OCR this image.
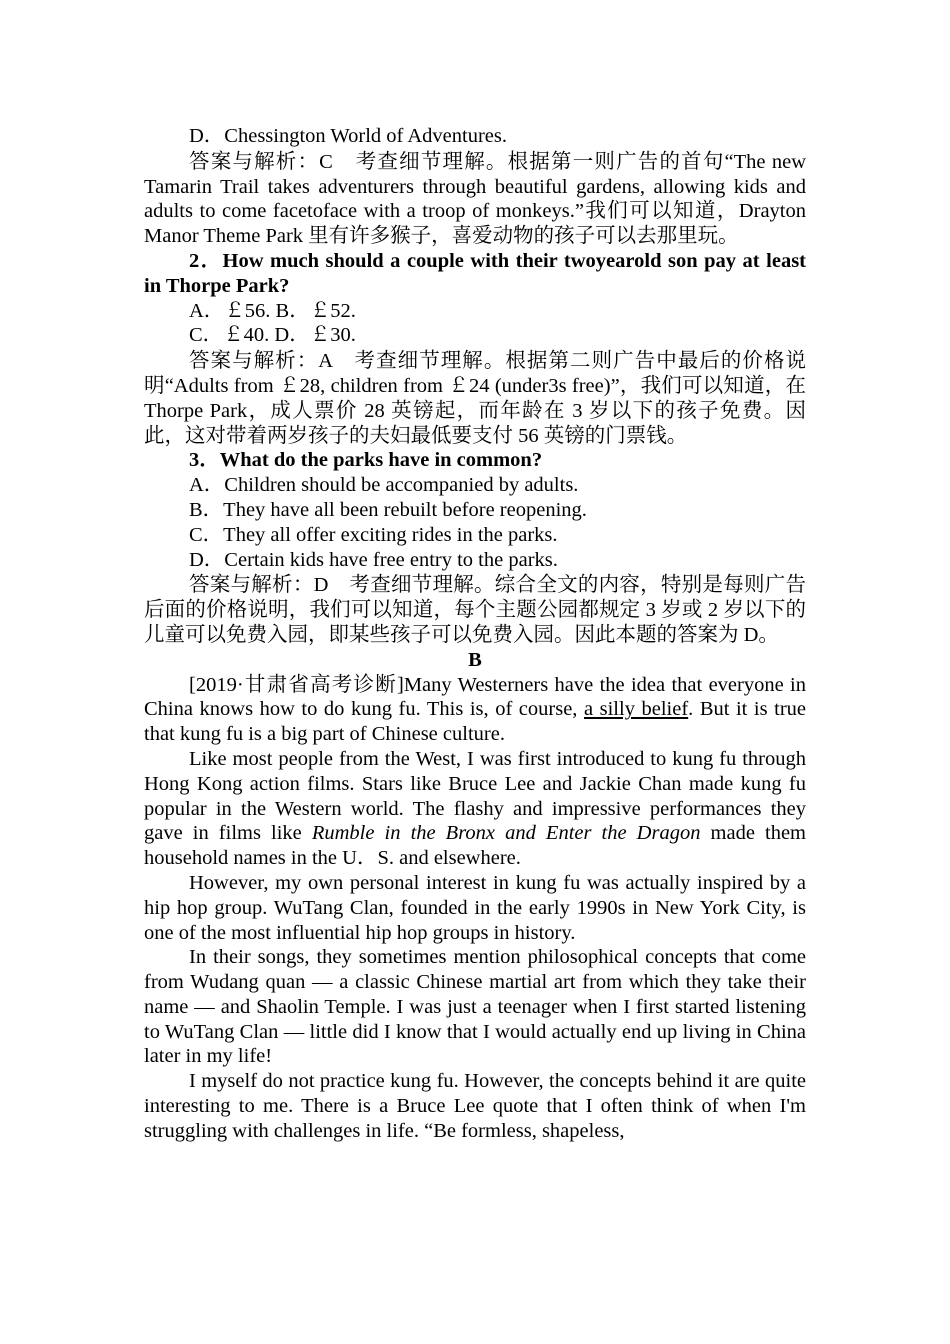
D．Chessington World of Adventures.

答案与解析：C　考查细节理解。根据第一则广告的首句“The new Tamarin Trail takes adventurers through beautiful gardens, allowing kids and adults to come facetoface with a troop of monkeys.”我们可以知道，Drayton Manor Theme Park 里有许多猴子，喜爱动物的孩子可以去那里玩。

2．How much should a couple with their twoyearold son pay at least in Thorpe Park?

A．￡56. B．￡52.

C．￡40. D．￡30.

答案与解析：A　考查细节理解。根据第二则广告中最后的价格说明“Adults from ￡28, children from ￡24 (under3s free)”，我们可以知道，在 Thorpe Park，成人票价 28 英镑起，而年龄在 3 岁以下的孩子免费。因此，这对带着两岁孩子的夫妇最低要支付 56 英镑的门票钱。

3．What do the parks have in common?

A．Children should be accompanied by adults.

B．They have all been rebuilt before reopening.

C．They all offer exciting rides in the parks.

D．Certain kids have free entry to the parks.

答案与解析：D　考查细节理解。综合全文的内容，特别是每则广告后面的价格说明，我们可以知道，每个主题公园都规定 3 岁或 2 岁以下的儿童可以免费入园，即某些孩子可以免费入园。因此本题的答案为 D。

B

[2019·甘肃省高考诊断]Many Westerners have the idea that everyone in China knows how to do kung fu. This is, of course, a silly belief. But it is true that kung fu is a big part of Chinese culture.

Like most people from the West, I was first introduced to kung fu through Hong Kong action films. Stars like Bruce Lee and Jackie Chan made kung fu popular in the Western world. The flashy and impressive performances they gave in films like Rumble in the Bronx and Enter the Dragon made them household names in the U．S. and elsewhere.

However, my own personal interest in kung fu was actually inspired by a hip hop group. WuTang Clan, founded in the early 1990s in New York City, is one of the most influential hip hop groups in history.

In their songs, they sometimes mention philosophical concepts that come from Wudang quan — a classic Chinese martial art from which they take their name — and Shaolin Temple. I was just a teenager when I first started listening to WuTang Clan — little did I know that I would actually end up living in China later in my life!

I myself do not practice kung fu. However, the concepts behind it are quite interesting to me. There is a Bruce Lee quote that I often think of when I'm struggling with challenges in life. “Be formless, shapeless,
